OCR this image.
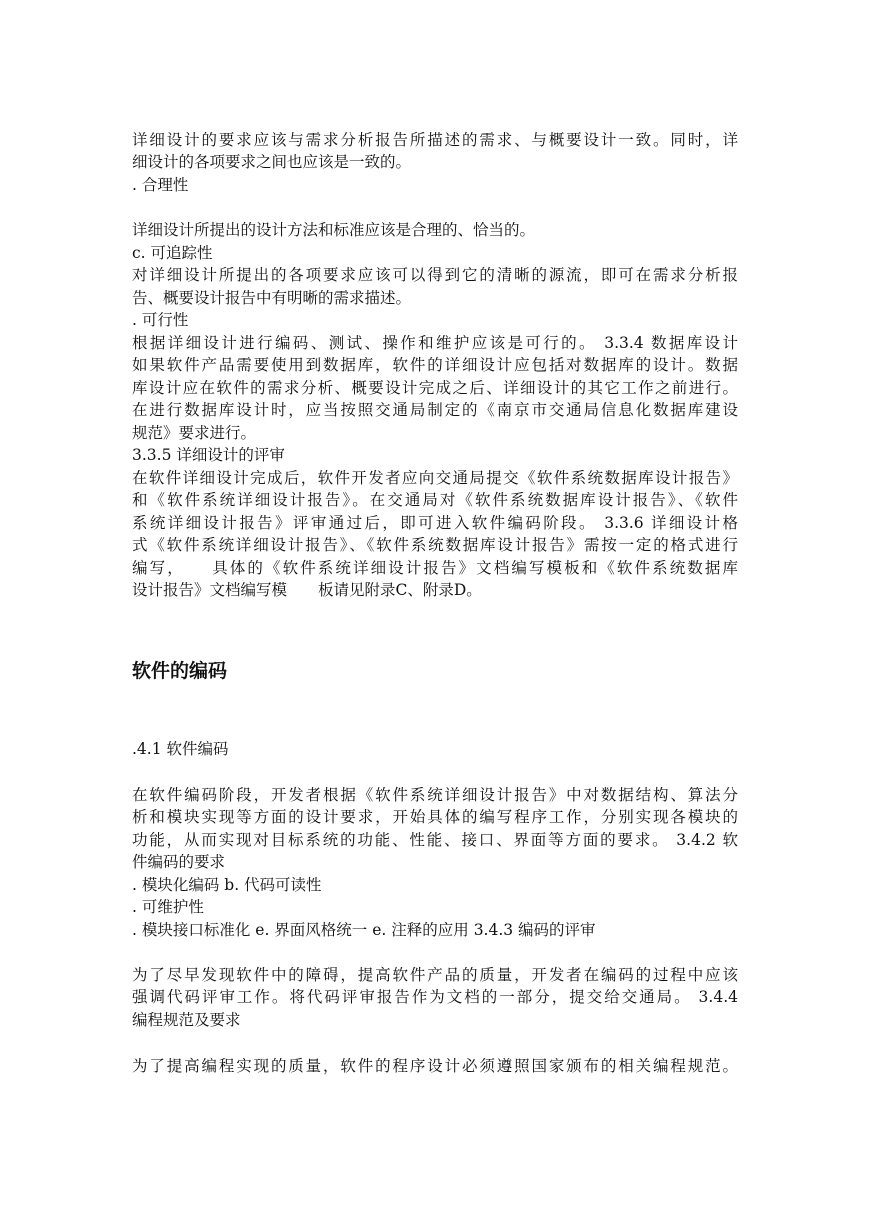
详细设计的要求应该与需求分析报告所描述的需求、与概要设计一致。同时，详
细设计的各项要求之间也应该是一致的。
. 合理性
详细设计所提出的设计方法和标准应该是合理的、恰当的。
c. 可追踪性
对详细设计所提出的各项要求应该可以得到它的清晰的源流，即可在需求分析报
告、概要设计报告中有明晰的需求描述。
. 可行性
根据详细设计进行编码、测试、操作和维护应该是可行的。 3.3.4 数据库设计
如果软件产品需要使用到数据库，软件的详细设计应包括对数据库的设计。数据
库设计应在软件的需求分析、概要设计完成之后、详细设计的其它工作之前进行。
在进行数据库设计时，应当按照交通局制定的《南京市交通局信息化数据库建设
规范》要求进行。
3.3.5 详细设计的评审
在软件详细设计完成后，软件开发者应向交通局提交《软件系统数据库设计报告》
和《软件系统详细设计报告》。在交通局对《软件系统数据库设计报告》、《软件
系统详细设计报告》评审通过后，即可进入软件编码阶段。 3.3.6 详细设计格
式《软件系统详细设计报告》、《软件系统数据库设计报告》需按一定的格式进行
编写，　　具体的《软件系统详细设计报告》文档编写模板和《软件系统数据库
设计报告》文档编写模　　板请见附录C、附录D。
软件的编码
.4.1 软件编码
在软件编码阶段，开发者根据《软件系统详细设计报告》中对数据结构、算法分
析和模块实现等方面的设计要求，开始具体的编写程序工作，分别实现各模块的
功能，从而实现对目标系统的功能、性能、接口、界面等方面的要求。 3.4.2 软
件编码的要求
. 模块化编码 b. 代码可读性
. 可维护性
. 模块接口标准化 e. 界面风格统一 e. 注释的应用 3.4.3 编码的评审
为了尽早发现软件中的障碍，提高软件产品的质量，开发者在编码的过程中应该
强调代码评审工作。将代码评审报告作为文档的一部分，提交给交通局。 3.4.4
编程规范及要求
为了提高编程实现的质量，软件的程序设计必须遵照国家颁布的相关编程规范。
